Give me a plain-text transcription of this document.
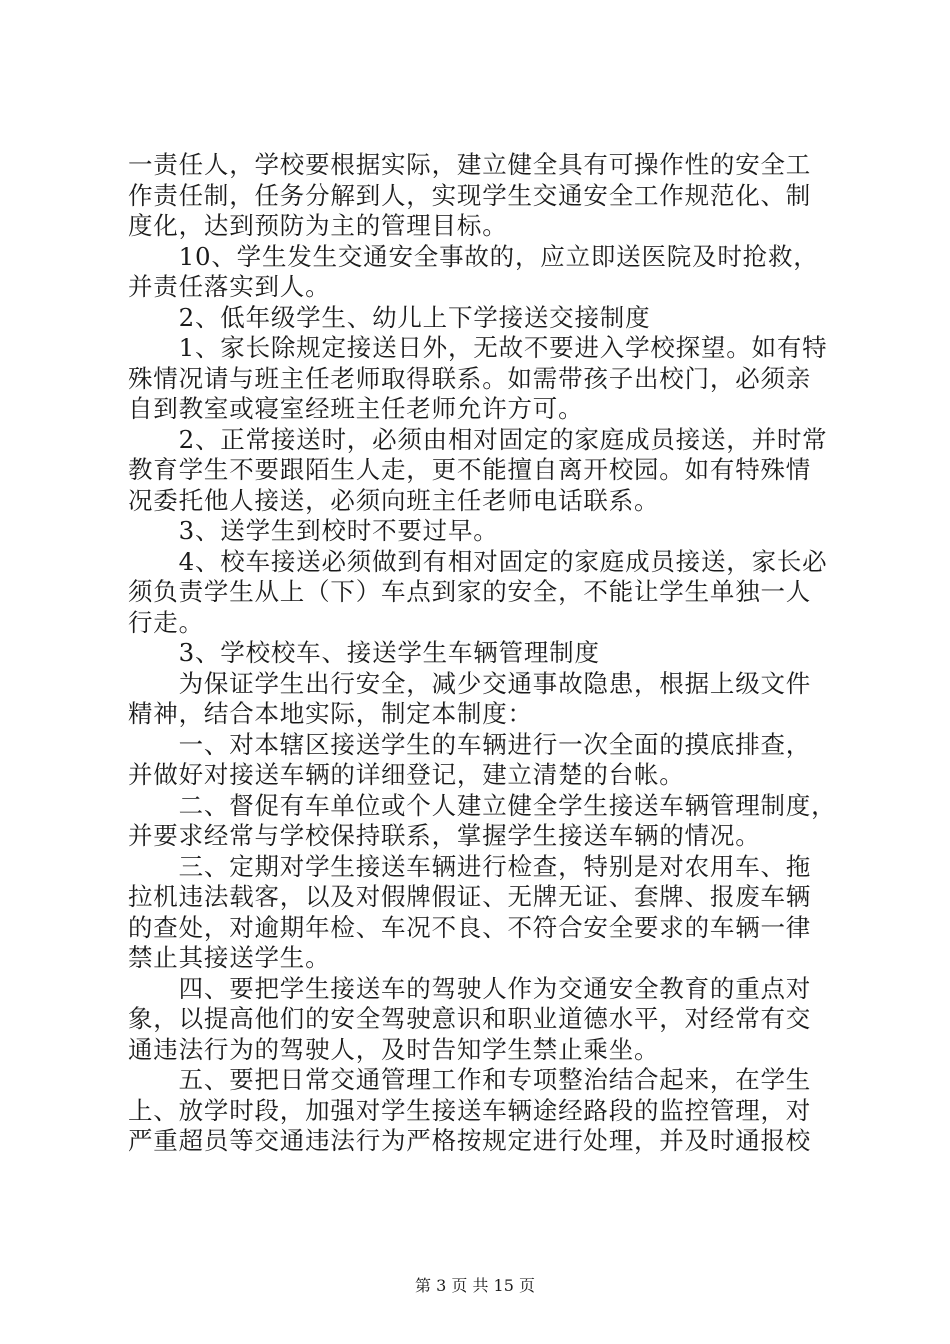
一责任人，学校要根据实际，建立健全具有可操作性的安全工
作责任制，任务分解到人，实现学生交通安全工作规范化、制
度化，达到预防为主的管理目标。

　　10、学生发生交通安全事故的，应立即送医院及时抢救，
并责任落实到人。

　　2、低年级学生、幼儿上下学接送交接制度

　　1、家长除规定接送日外，无故不要进入学校探望。如有特
殊情况请与班主任老师取得联系。如需带孩子出校门，必须亲
自到教室或寝室经班主任老师允许方可。

　　2、正常接送时，必须由相对固定的家庭成员接送，并时常
教育学生不要跟陌生人走，更不能擅自离开校园。如有特殊情
况委托他人接送，必须向班主任老师电话联系。

　　3、送学生到校时不要过早。

　　4、校车接送必须做到有相对固定的家庭成员接送，家长必
须负责学生从上（下）车点到家的安全，不能让学生单独一人
行走。

　　3、学校校车、接送学生车辆管理制度

　　为保证学生出行安全，减少交通事故隐患，根据上级文件
精神，结合本地实际，制定本制度：

　　一、对本辖区接送学生的车辆进行一次全面的摸底排查，
并做好对接送车辆的详细登记，建立清楚的台帐。

　　二、督促有车单位或个人建立健全学生接送车辆管理制度，
并要求经常与学校保持联系，掌握学生接送车辆的情况。

　　三、定期对学生接送车辆进行检查，特别是对农用车、拖
拉机违法载客，以及对假牌假证、无牌无证、套牌、报废车辆
的查处，对逾期年检、车况不良、不符合安全要求的车辆一律
禁止其接送学生。

　　四、要把学生接送车的驾驶人作为交通安全教育的重点对
象，以提高他们的安全驾驶意识和职业道德水平，对经常有交
通违法行为的驾驶人，及时告知学生禁止乘坐。

　　五、要把日常交通管理工作和专项整治结合起来，在学生
上、放学时段，加强对学生接送车辆途经路段的监控管理，对
严重超员等交通违法行为严格按规定进行处理，并及时通报校

第 3 页 共 15 页
